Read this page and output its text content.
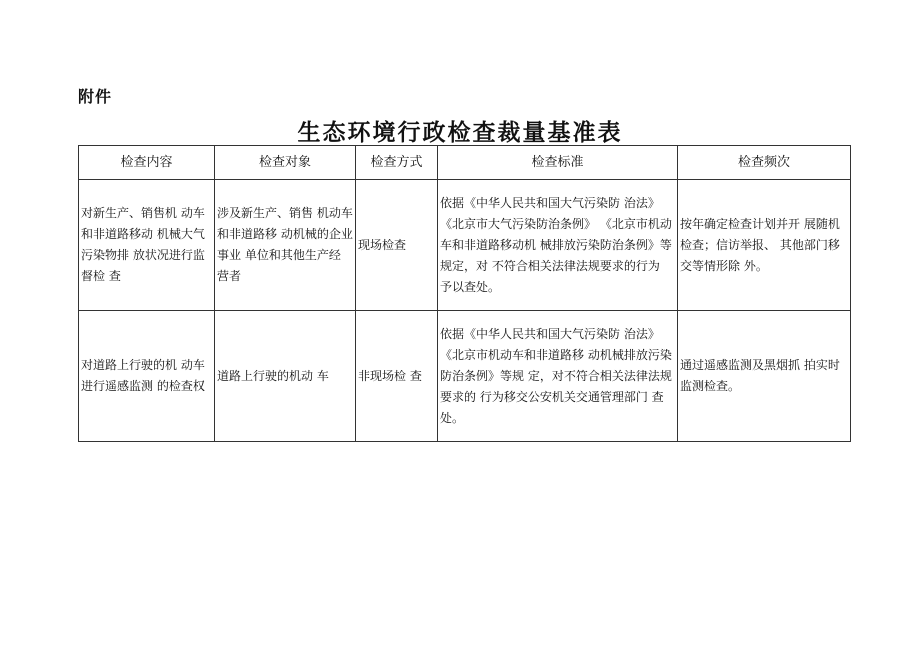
附件
生态环境行政检查裁量基准表
检查内容	检查对象	检查方式	检查标准	检查频次
对新生产、销售机 动车和非道路移动 机械大气污染物排 放状况进行监督检 查	涉及新生产、销售 机动车和非道路移 动机械的企业事业 单位和其他生产经 营者	现场检查	依据《中华人民共和国大气污染防 治法》《北京市大气污染防治条例》 《北京市机动车和非道路移动机 械排放污染防治条例》等规定，对 不符合相关法律法规要求的行为 予以查处。	按年确定检查计划并开 展随机检查；信访举报、 其他部门移交等情形除 外。
对道路上行驶的机 动车进行遥感监测 的检查权	道路上行驶的机动 车	非现场检 查	依据《中华人民共和国大气污染防 治法》《北京市机动车和非道路移 动机械排放污染防治条例》等规 定，对不符合相关法律法规要求的 行为移交公安机关交通管理部门 查处。	通过遥感监测及黑烟抓 拍实时监测检查。
